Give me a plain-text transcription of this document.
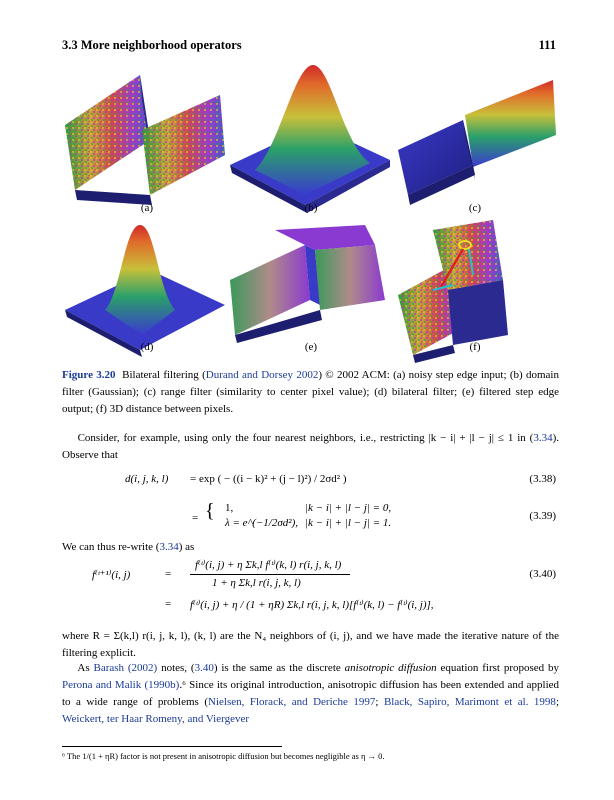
3.3 More neighborhood operators	111
(a)	(b)	(c)
(d)	(e)	(f)
Figure 3.20 Bilateral filtering (Durand and Dorsey 2002) © 2002 ACM: (a) noisy step edge input; (b) domain filter (Gaussian); (c) range filter (similarity to center pixel value); (d) bilateral filter; (e) filtered step edge output; (f) 3D distance between pixels.
Consider, for example, using only the four nearest neighbors, i.e., restricting |k − i| + |l − j| ≤ 1 in (3.34). Observe that
d(i, j, k, l) = exp ( − ((i − k)² + (j − l)²) / 2σd² )	(3.38)
{
=
1,	|k − i| + |l − j| = 0,
λ = e^(−1/2σd²), |k − i| + |l − j| = 1.
(3.39)
We can thus re-write (3.34) as
f⁽ᵗ⁺¹⁾(i, j)	=
f⁽ᵗ⁾(i, j) + η Σk,l f⁽ᵗ⁾(k, l) r(i, j, k, l)
1 + η Σk,l r(i, j, k, l)
(3.40)
= f⁽ᵗ⁾(i, j) + η / (1 + ηR) Σk,l r(i, j, k, l)[f⁽ᵗ⁾(k, l) − f⁽ᵗ⁾(i, j)],
where R = Σ(k,l) r(i, j, k, l), (k, l) are the N₄ neighbors of (i, j), and we have made the iterative nature of the filtering explicit.
As Barash (2002) notes, (3.40) is the same as the discrete anisotropic diffusion equation first proposed by Perona and Malik (1990b).⁶ Since its original introduction, anisotropic diffusion has been extended and applied to a wide range of problems (Nielsen, Florack, and Deriche 1997; Black, Sapiro, Marimont et al. 1998; Weickert, ter Haar Romeny, and Viergever
⁶ The 1/(1 + ηR) factor is not present in anisotropic diffusion but becomes negligible as η → 0.
